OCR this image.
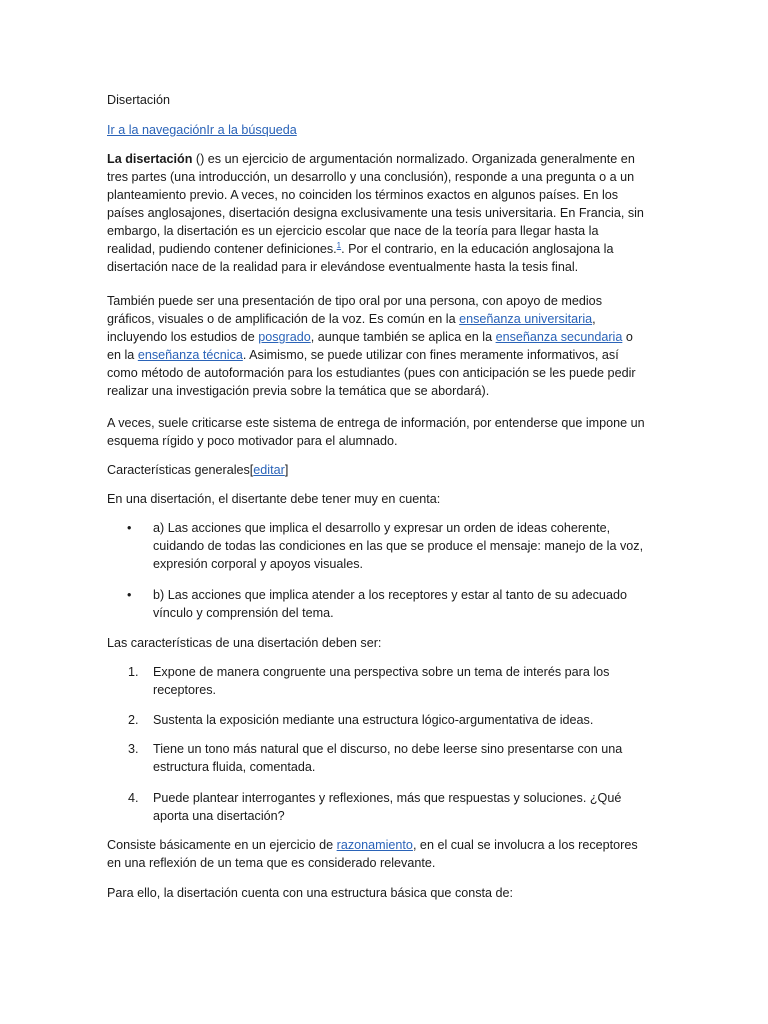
Disertación

Ir a la navegaciónIr a la búsqueda

La disertación () es un ejercicio de argumentación normalizado. Organizada generalmente en tres partes (una introducción, un desarrollo y una conclusión), responde a una pregunta o a un planteamiento previo. A veces, no coinciden los términos exactos en algunos países. En los países anglosajones, disertación designa exclusivamente una tesis universitaria. En Francia, sin embargo, la disertación es un ejercicio escolar que nace de la teoría para llegar hasta la realidad, pudiendo contener definiciones.$^1$. Por el contrario, en la educación anglosajona la disertación nace de la realidad para ir elevándose eventualmente hasta la tesis final.

También puede ser una presentación de tipo oral por una persona, con apoyo de medios gráficos, visuales o de amplificación de la voz. Es común en la enseñanza universitaria, incluyendo los estudios de posgrado, aunque también se aplica en la enseñanza secundaria o en la enseñanza técnica. Asimismo, se puede utilizar con fines meramente informativos, así como método de autoformación para los estudiantes (pues con anticipación se les puede pedir realizar una investigación previa sobre la temática que se abordará).

A veces, suele criticarse este sistema de entrega de información, por entenderse que impone un esquema rígido y poco motivador para el alumnado.

Características generales[editar]

En una disertación, el disertante debe tener muy en cuenta:

• a) Las acciones que implica el desarrollo y expresar un orden de ideas coherente, cuidando de todas las condiciones en las que se produce el mensaje: manejo de la voz, expresión corporal y apoyos visuales.
• b) Las acciones que implica atender a los receptores y estar al tanto de su adecuado vínculo y comprensión del tema.

Las características de una disertación deben ser:

1. Expone de manera congruente una perspectiva sobre un tema de interés para los receptores.
2. Sustenta la exposición mediante una estructura lógico-argumentativa de ideas.
3. Tiene un tono más natural que el discurso, no debe leerse sino presentarse con una estructura fluida, comentada.
4. Puede plantear interrogantes y reflexiones, más que respuestas y soluciones. ¿Qué aporta una disertación?

Consiste básicamente en un ejercicio de razonamiento, en el cual se involucra a los receptores en una reflexión de un tema que es considerado relevante.

Para ello, la disertación cuenta con una estructura básica que consta de:
